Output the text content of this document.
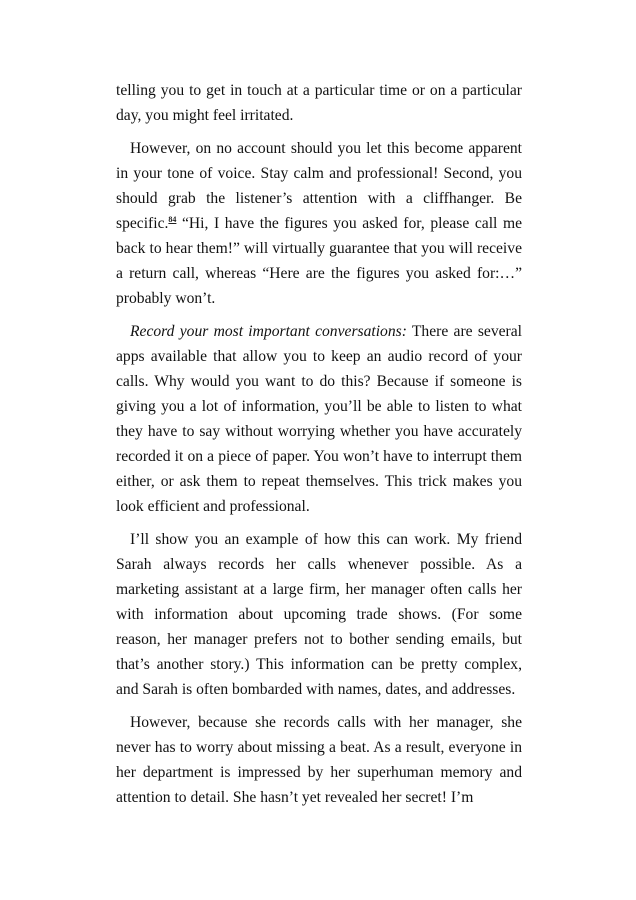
telling you to get in touch at a particular time or on a particular day, you might feel irritated.

However, on no account should you let this become apparent in your tone of voice. Stay calm and professional! Second, you should grab the listener’s attention with a cliffhanger. Be specific.$^{84}$ “Hi, I have the figures you asked for, please call me back to hear them!” will virtually guarantee that you will receive a return call, whereas “Here are the figures you asked for:…” probably won’t.

Record your most important conversations: There are several apps available that allow you to keep an audio record of your calls. Why would you want to do this? Because if someone is giving you a lot of information, you’ll be able to listen to what they have to say without worrying whether you have accurately recorded it on a piece of paper. You won’t have to interrupt them either, or ask them to repeat themselves. This trick makes you look efficient and professional.

I’ll show you an example of how this can work. My friend Sarah always records her calls whenever possible. As a marketing assistant at a large firm, her manager often calls her with information about upcoming trade shows. (For some reason, her manager prefers not to bother sending emails, but that’s another story.) This information can be pretty complex, and Sarah is often bombarded with names, dates, and addresses.

However, because she records calls with her manager, she never has to worry about missing a beat. As a result, everyone in her department is impressed by her superhuman memory and attention to detail. She hasn’t yet revealed her secret! I’m
